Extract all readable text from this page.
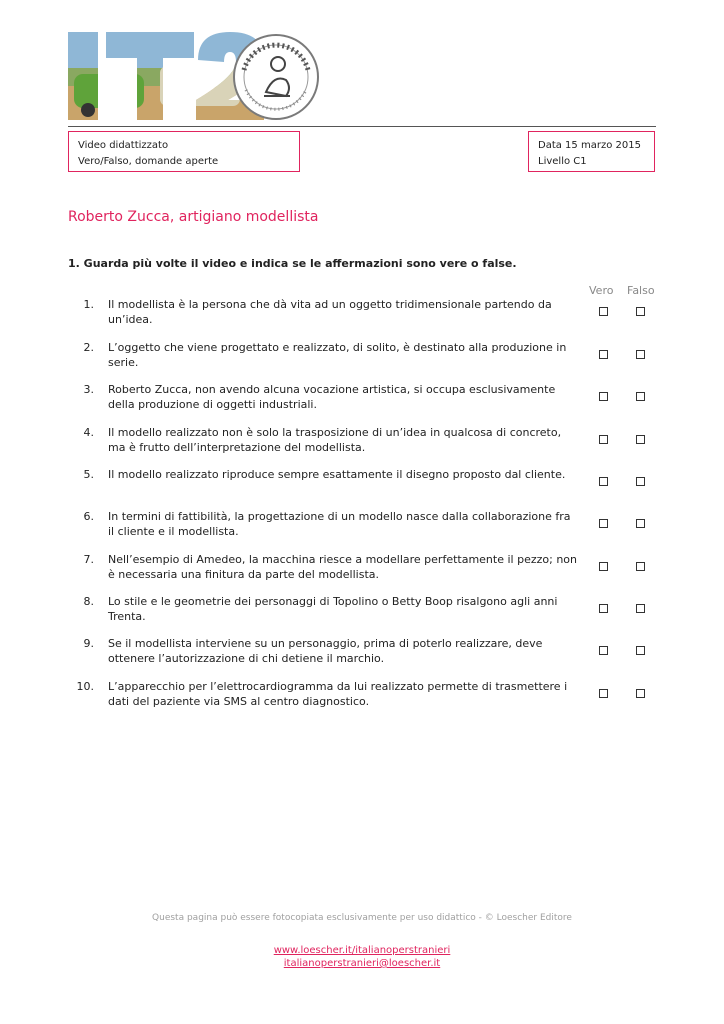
Video didattizzato
Vero/Falso, domande aperte
Data 15 marzo 2015
Livello C1
Roberto Zucca, artigiano modellista
1. Guarda più volte il video e indica se le affermazioni sono vere o false.
Vero Falso
1. Il modellista è la persona che dà vita ad un oggetto tridimensionale partendo da un’idea.
2. L’oggetto che viene progettato e realizzato, di solito, è destinato alla produzione in serie.
3. Roberto Zucca, non avendo alcuna vocazione artistica, si occupa esclusivamente della produzione di oggetti industriali.
4. Il modello realizzato non è solo la trasposizione di un’idea in qualcosa di concreto, ma è frutto dell’interpretazione del modellista.
5. Il modello realizzato riproduce sempre esattamente il disegno proposto dal cliente.
6. In termini di fattibilità, la progettazione di un modello nasce dalla collaborazione fra il cliente e il modellista.
7. Nell’esempio di Amedeo, la macchina riesce a modellare perfettamente il pezzo; non è necessaria una finitura da parte del modellista.
8. Lo stile e le geometrie dei personaggi di Topolino o Betty Boop risalgono agli anni Trenta.
9. Se il modellista interviene su un personaggio, prima di poterlo realizzare, deve ottenere l’autorizzazione di chi detiene il marchio.
10. L’apparecchio per l’elettrocardiogramma da lui realizzato permette di trasmettere i dati del paziente via SMS al centro diagnostico.
Questa pagina può essere fotocopiata esclusivamente per uso didattico - © Loescher Editore
www.loescher.it/italianoperstranieri
italianoperstranieri@loescher.it
